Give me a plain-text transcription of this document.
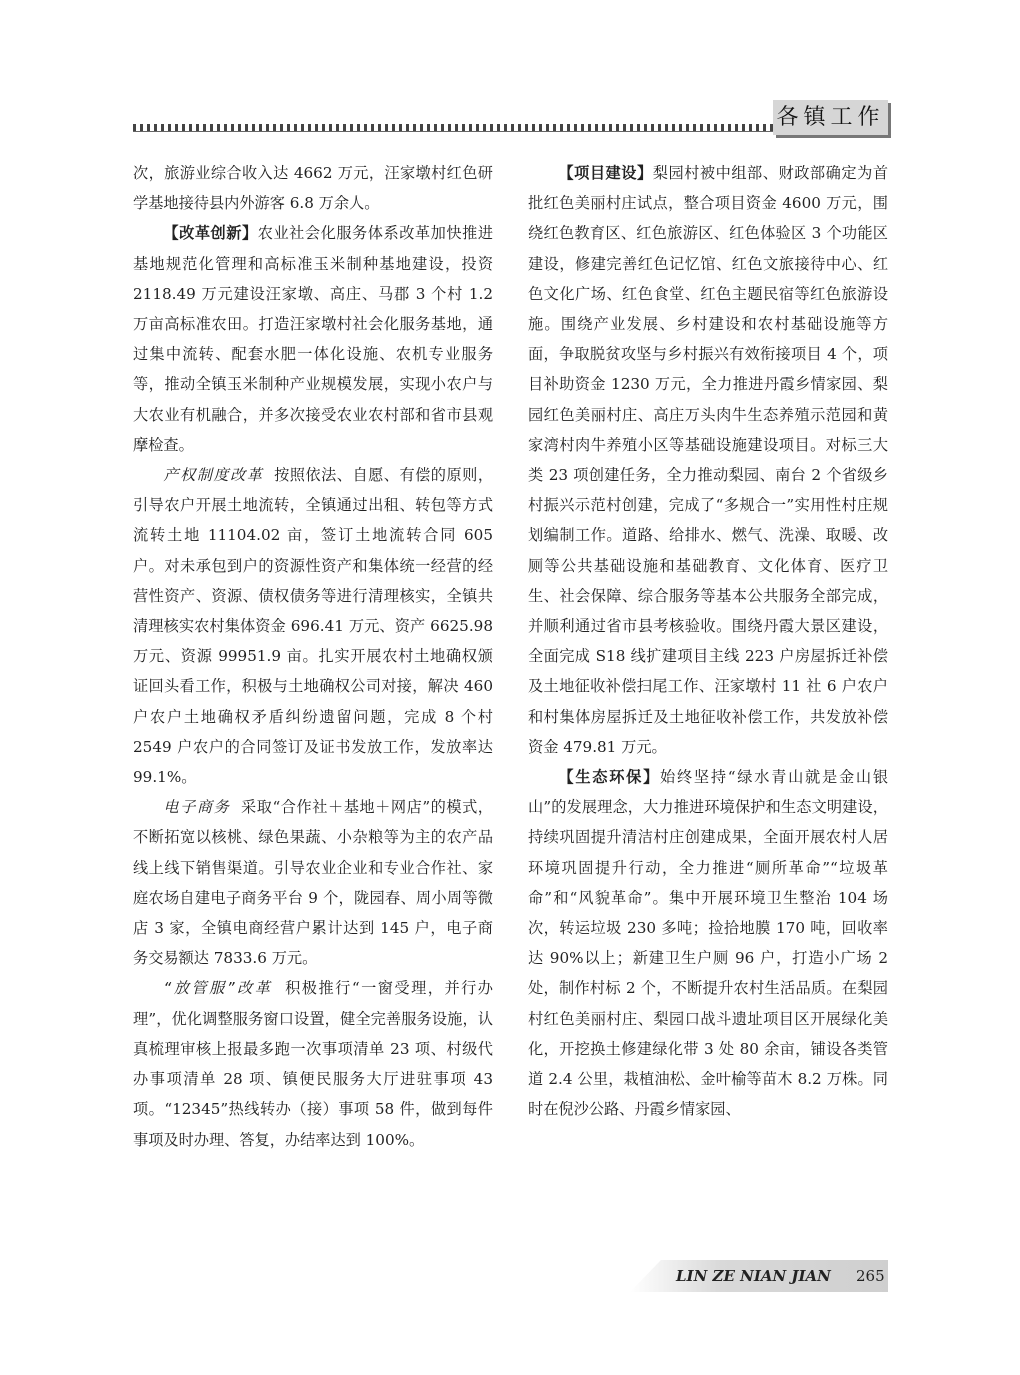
各镇工作

次，旅游业综合收入达 4662 万元，汪家墩村红色研学基地接待县内外游客 6.8 万余人。

【改革创新】农业社会化服务体系改革加快推进基地规范化管理和高标准玉米制种基地建设，投资 2118.49 万元建设汪家墩、高庄、马郡 3 个村 1.2 万亩高标准农田。打造汪家墩村社会化服务基地，通过集中流转、配套水肥一体化设施、农机专业服务等，推动全镇玉米制种产业规模发展，实现小农户与大农业有机融合，并多次接受农业农村部和省市县观摩检查。

产权制度改革 按照依法、自愿、有偿的原则，引导农户开展土地流转，全镇通过出租、转包等方式流转土地 11104.02 亩，签订土地流转合同 605 户。对未承包到户的资源性资产和集体统一经营的经营性资产、资源、债权债务等进行清理核实，全镇共清理核实农村集体资金 696.41 万元、资产 6625.98 万元、资源 99951.9 亩。扎实开展农村土地确权颁证回头看工作，积极与土地确权公司对接，解决 460 户农户土地确权矛盾纠纷遗留问题，完成 8 个村 2549 户农户的合同签订及证书发放工作，发放率达 99.1%。

电子商务 采取“合作社＋基地＋网店”的模式，不断拓宽以核桃、绿色果蔬、小杂粮等为主的农产品线上线下销售渠道。引导农业企业和专业合作社、家庭农场自建电子商务平台 9 个，陇园春、周小周等微店 3 家，全镇电商经营户累计达到 145 户，电子商务交易额达 7833.6 万元。

“放管服”改革 积极推行“一窗受理，并行办理”，优化调整服务窗口设置，健全完善服务设施，认真梳理审核上报最多跑一次事项清单 23 项、村级代办事项清单 28 项、镇便民服务大厅进驻事项 43 项。“12345”热线转办（接）事项 58 件，做到每件事项及时办理、答复，办结率达到 100%。

【项目建设】梨园村被中组部、财政部确定为首批红色美丽村庄试点，整合项目资金 4600 万元，围绕红色教育区、红色旅游区、红色体验区 3 个功能区建设，修建完善红色记忆馆、红色文旅接待中心、红色文化广场、红色食堂、红色主题民宿等红色旅游设施。围绕产业发展、乡村建设和农村基础设施等方面，争取脱贫攻坚与乡村振兴有效衔接项目 4 个，项目补助资金 1230 万元，全力推进丹霞乡情家园、梨园红色美丽村庄、高庄万头肉牛生态养殖示范园和黄家湾村肉牛养殖小区等基础设施建设项目。对标三大类 23 项创建任务，全力推动梨园、南台 2 个省级乡村振兴示范村创建，完成了“多规合一”实用性村庄规划编制工作。道路、给排水、燃气、洗澡、取暖、改厕等公共基础设施和基础教育、文化体育、医疗卫生、社会保障、综合服务等基本公共服务全部完成，并顺利通过省市县考核验收。围绕丹霞大景区建设，全面完成 S18 线扩建项目主线 223 户房屋拆迁补偿及土地征收补偿扫尾工作、汪家墩村 11 社 6 户农户和村集体房屋拆迁及土地征收补偿工作，共发放补偿资金 479.81 万元。

【生态环保】始终坚持“绿水青山就是金山银山”的发展理念，大力推进环境保护和生态文明建设，持续巩固提升清洁村庄创建成果，全面开展农村人居环境巩固提升行动，全力推进“厕所革命”“垃圾革命”和“风貌革命”。集中开展环境卫生整治 104 场次，转运垃圾 230 多吨；捡拾地膜 170 吨，回收率达 90%以上；新建卫生户厕 96 户，打造小广场 2 处，制作村标 2 个，不断提升农村生活品质。在梨园村红色美丽村庄、梨园口战斗遗址项目区开展绿化美化，开挖换土修建绿化带 3 处 80 余亩，铺设各类管道 2.4 公里，栽植油松、金叶榆等苗木 8.2 万株。同时在倪沙公路、丹霞乡情家园、

LIN ZE NIAN JIAN 265
